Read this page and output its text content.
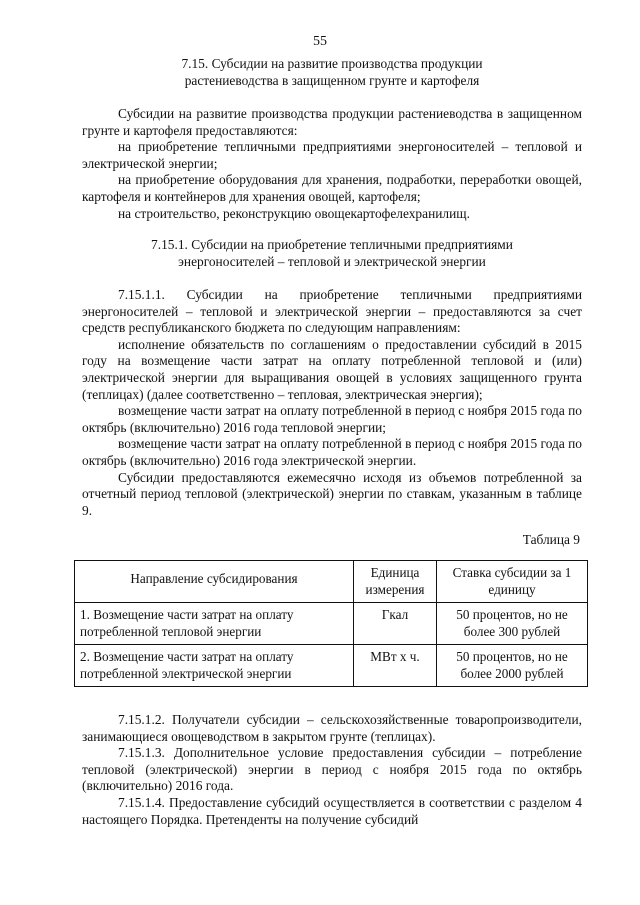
55
7.15. Субсидии на развитие производства продукции
растениеводства в защищенном грунте и картофеля

Субсидии на развитие производства продукции растениеводства в защищенном грунте и картофеля предоставляются:

на приобретение тепличными предприятиями энергоносителей – тепловой и электрической энергии;

на приобретение оборудования для хранения, подработки, переработки овощей, картофеля и контейнеров для хранения овощей, картофеля;

на строительство, реконструкцию овощекартофелехранилищ.

7.15.1. Субсидии на приобретение тепличными предприятиями
энергоносителей – тепловой и электрической энергии

7.15.1.1. Субсидии на приобретение тепличными предприятиями энергоносителей – тепловой и электрической энергии – предоставляются за счет средств республиканского бюджета по следующим направлениям:

исполнение обязательств по соглашениям о предоставлении субсидий в 2015 году на возмещение части затрат на оплату потребленной тепловой и (или) электрической энергии для выращивания овощей в условиях защищенного грунта (теплицах) (далее соответственно – тепловая, электрическая энергия);

возмещение части затрат на оплату потребленной в период с ноября 2015 года по октябрь (включительно) 2016 года тепловой энергии;

возмещение части затрат на оплату потребленной в период с ноября 2015 года по октябрь (включительно) 2016 года электрической энергии.

Субсидии предоставляются ежемесячно исходя из объемов потребленной за отчетный период тепловой (электрической) энергии по ставкам, указанным в таблице 9.

Таблица 9
Направление субсидирования	Единица измерения	Ставка субсидии за 1 единицу
1. Возмещение части затрат на оплату потребленной тепловой энергии	Гкал	50 процентов, но не более 300 рублей
2. Возмещение части затрат на оплату потребленной электрической энергии	МВт х ч.	50 процентов, но не более 2000 рублей

7.15.1.2. Получатели субсидии – сельскохозяйственные товаропроизводители, занимающиеся овощеводством в закрытом грунте (теплицах).

7.15.1.3. Дополнительное условие предоставления субсидии – потребление тепловой (электрической) энергии в период с ноября 2015 года по октябрь (включительно) 2016 года.

7.15.1.4. Предоставление субсидий осуществляется в соответствии с разделом 4 настоящего Порядка. Претенденты на получение субсидий
